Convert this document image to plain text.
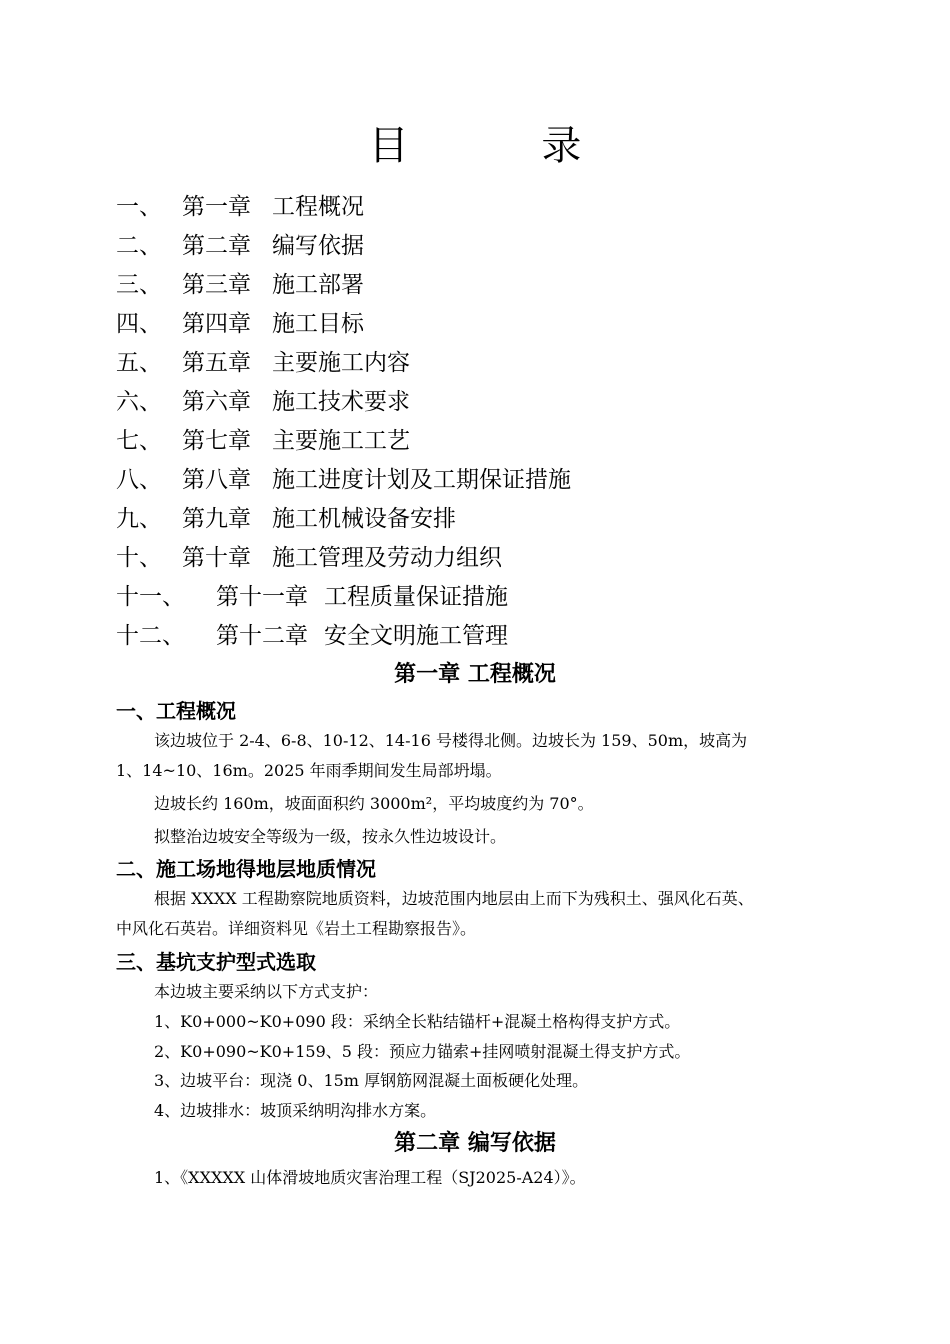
目 录
一、 第一章 工程概况
二、 第二章 编写依据
三、 第三章 施工部署
四、 第四章 施工目标
五、 第五章 主要施工内容
六、 第六章 施工技术要求
七、 第七章 主要施工工艺
八、 第八章 施工进度计划及工期保证措施
九、 第九章 施工机械设备安排
十、 第十章 施工管理及劳动力组织
十一、 第十一章 工程质量保证措施
十二、 第十二章 安全文明施工管理
第一章 工程概况
一、工程概况
该边坡位于 2-4、6-8、10-12、14-16 号楼得北侧。边坡长为 159、50m，坡高为
1、14~10、16m。2025 年雨季期间发生局部坍塌。
边坡长约 160m，坡面面积约 3000m²，平均坡度约为 70°。
拟整治边坡安全等级为一级，按永久性边坡设计。
二、施工场地得地层地质情况
根据 XXXX 工程勘察院地质资料，边坡范围内地层由上而下为残积土、强风化石英、
中风化石英岩。详细资料见《岩土工程勘察报告》。
三、基坑支护型式选取
本边坡主要采纳以下方式支护：
1、K0+000~K0+090 段：采纳全长粘结锚杆+混凝土格构得支护方式。
2、K0+090~K0+159、5 段：预应力锚索+挂网喷射混凝土得支护方式。
3、边坡平台：现浇 0、15m 厚钢筋网混凝土面板硬化处理。
4、边坡排水：坡顶采纳明沟排水方案。
第二章 编写依据
1、《XXXXX 山体滑坡地质灾害治理工程（SJ2025-A24）》。
